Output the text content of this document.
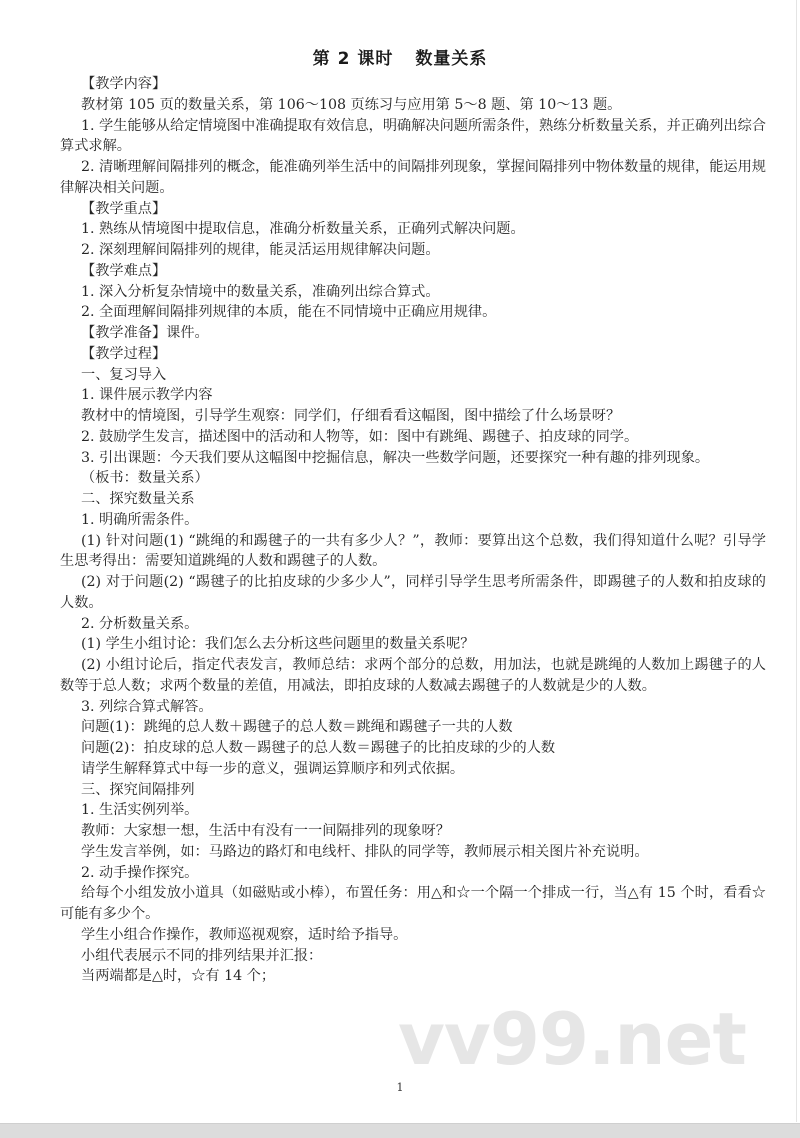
第 2 课时 数量关系

【教学内容】

教材第 105 页的数量关系，第 106～108 页练习与应用第 5～8 题、第 10～13 题。

1. 学生能够从给定情境图中准确提取有效信息，明确解决问题所需条件，熟练分析数量关系，并正确列出综合算式求解。

2. 清晰理解间隔排列的概念，能准确列举生活中的间隔排列现象，掌握间隔排列中物体数量的规律，能运用规律解决相关问题。

【教学重点】

1. 熟练从情境图中提取信息，准确分析数量关系，正确列式解决问题。

2. 深刻理解间隔排列的规律，能灵活运用规律解决问题。

【教学难点】

1. 深入分析复杂情境中的数量关系，准确列出综合算式。

2. 全面理解间隔排列规律的本质，能在不同情境中正确应用规律。

【教学准备】课件。

【教学过程】

一、复习导入

1. 课件展示教学内容

教材中的情境图，引导学生观察：同学们，仔细看看这幅图，图中描绘了什么场景呀？

2. 鼓励学生发言，描述图中的活动和人物等，如：图中有跳绳、踢毽子、拍皮球的同学。

3. 引出课题：今天我们要从这幅图中挖掘信息，解决一些数学问题，还要探究一种有趣的排列现象。

（板书：数量关系）

二、探究数量关系

1. 明确所需条件。

(1) 针对问题(1) “跳绳的和踢毽子的一共有多少人？”，教师：要算出这个总数，我们得知道什么呢？引导学生思考得出：需要知道跳绳的人数和踢毽子的人数。

(2) 对于问题(2) “踢毽子的比拍皮球的少多少人”，同样引导学生思考所需条件，即踢毽子的人数和拍皮球的人数。

2. 分析数量关系。

(1) 学生小组讨论：我们怎么去分析这些问题里的数量关系呢？

(2) 小组讨论后，指定代表发言，教师总结：求两个部分的总数，用加法，也就是跳绳的人数加上踢毽子的人数等于总人数；求两个数量的差值，用减法，即拍皮球的人数减去踢毽子的人数就是少的人数。

3. 列综合算式解答。

问题(1)：跳绳的总人数＋踢毽子的总人数＝跳绳和踢毽子一共的人数

问题(2)：拍皮球的总人数－踢毽子的总人数＝踢毽子的比拍皮球的少的人数

请学生解释算式中每一步的意义，强调运算顺序和列式依据。

三、探究间隔排列

1. 生活实例列举。

教师：大家想一想，生活中有没有一一间隔排列的现象呀？

学生发言举例，如：马路边的路灯和电线杆、排队的同学等，教师展示相关图片补充说明。

2. 动手操作探究。

给每个小组发放小道具（如磁贴或小棒），布置任务：用△和☆一个隔一个排成一行，当△有 15 个时，看看☆可能有多少个。

学生小组合作操作，教师巡视观察，适时给予指导。

小组代表展示不同的排列结果并汇报：

当两端都是△时，☆有 14 个；

vv99.net
1
